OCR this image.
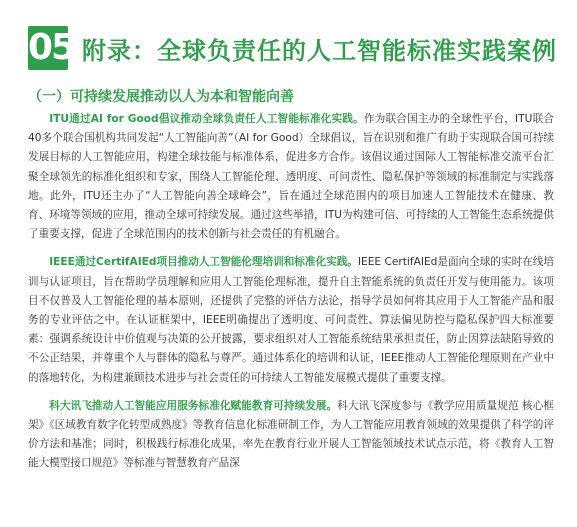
05 附录：全球负责任的人工智能标准实践案例
（一）可持续发展推动以人为本和智能向善

ITU通过AI for Good倡议推动全球负责任人工智能标准化实践。作为联合国主办的全球性平台，ITU联合40多个联合国机构共同发起“人工智能向善”（AI for Good）全球倡议，旨在识别和推广有助于实现联合国可持续发展目标的人工智能应用，构建全球技能与标准体系，促进多方合作。该倡议通过国际人工智能标准交流平台汇聚全球领先的标准化组织和专家，围绕人工智能伦理、透明度、可问责性、隐私保护等领域的标准制定与实践落地。此外，ITU还主办了“人工智能向善全球峰会”，旨在通过全球范围内的项目加速人工智能技术在健康、教育、环境等领域的应用，推动全球可持续发展。通过这些举措，ITU为构建可信、可持续的人工智能生态系统提供了重要支撑，促进了全球范围内的技术创新与社会责任的有机融合。

IEEE通过CertifAIEd项目推动人工智能伦理培训和标准化实践。IEEE CertifAIEd是面向全球的实时在线培训与认证项目，旨在帮助学员理解和应用人工智能伦理标准，提升自主智能系统的负责任开发与使用能力。该项目不仅普及人工智能伦理的基本原则，还提供了完整的评估方法论，指导学员如何将其应用于人工智能产品和服务的专业评估之中。在认证框架中，IEEE明确提出了透明度、可问责性、算法偏见防控与隐私保护四大标准要素：强调系统设计中价值观与决策的公开披露，要求组织对人工智能系统结果承担责任，防止因算法缺陷导致的不公正结果，并尊重个人与群体的隐私与尊严。通过体系化的培训和认证，IEEE推动人工智能伦理原则在产业中的落地转化，为构建兼顾技术进步与社会责任的可持续人工智能发展模式提供了重要支撑。

科大讯飞推动人工智能应用服务标准化赋能教育可持续发展。科大讯飞深度参与《教学应用质量规范 核心框架》《区域教育数字化转型成熟度》等教育信息化标准研制工作，为人工智能应用教育领域的效果提供了科学的评价方法和基准；同时，积极践行标准化成果，率先在教育行业开展人工智能领域技术试点示范，将《教育人工智能大模型接口规范》等标准与智慧教育产品深
